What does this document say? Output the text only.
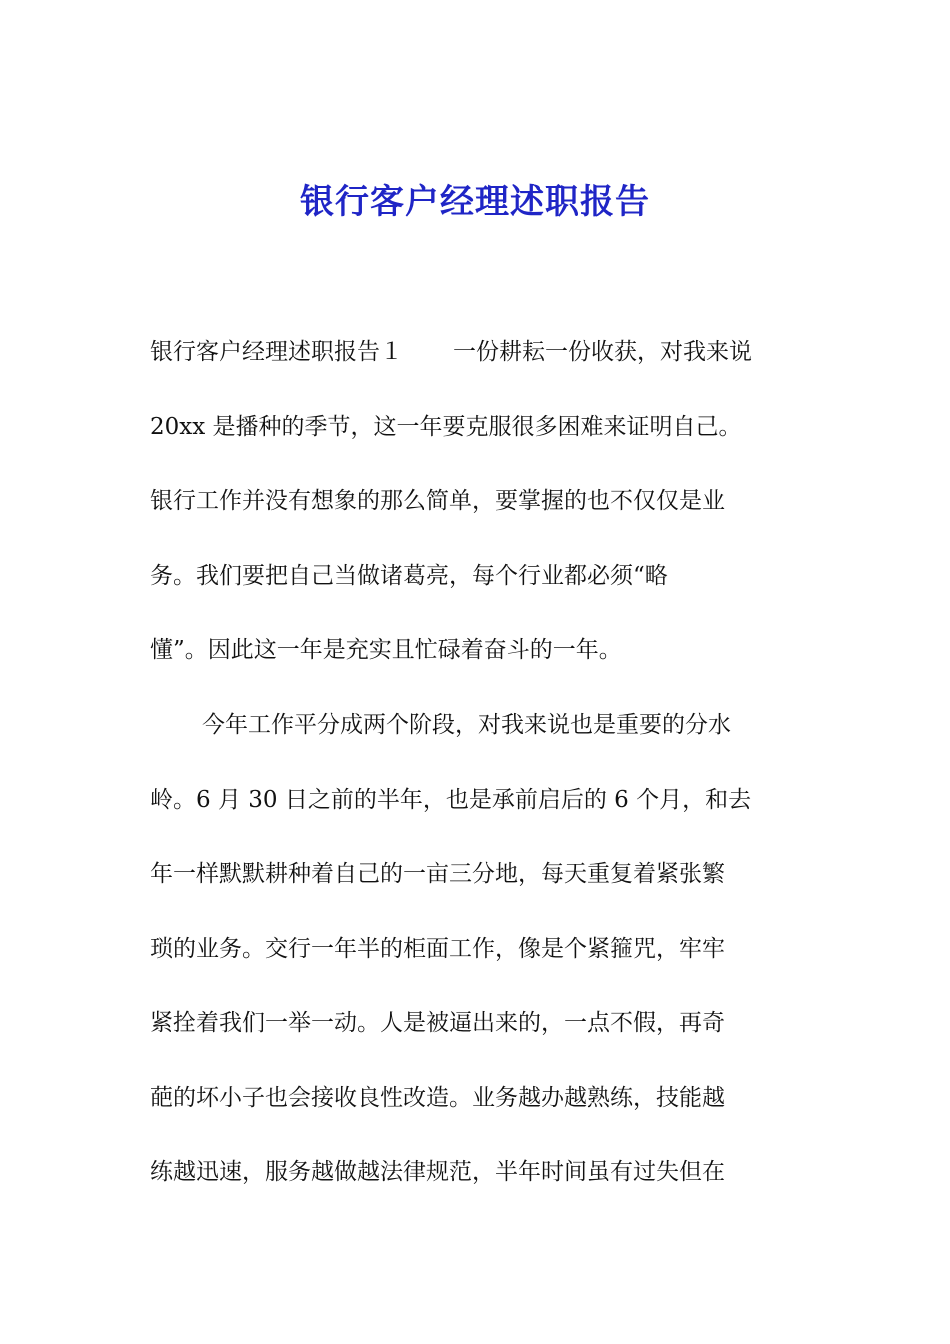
银行客户经理述职报告

银行客户经理述职报告１ 一份耕耘一份收获，对我来说

20xx 是播种的季节，这一年要克服很多困难来证明自己。

银行工作并没有想象的那么简单，要掌握的也不仅仅是业

务。我们要把自己当做诸葛亮，每个行业都必须“略

懂”。因此这一年是充实且忙碌着奋斗的一年。

今年工作平分成两个阶段，对我来说也是重要的分水

岭。6 月 30 日之前的半年，也是承前启后的 6 个月，和去

年一样默默耕种着自己的一亩三分地，每天重复着紧张繁

琐的业务。交行一年半的柜面工作，像是个紧箍咒，牢牢

紧拴着我们一举一动。人是被逼出来的，一点不假，再奇

葩的坏小子也会接收良性改造。业务越办越熟练，技能越

练越迅速，服务越做越法律规范，半年时间虽有过失但在
